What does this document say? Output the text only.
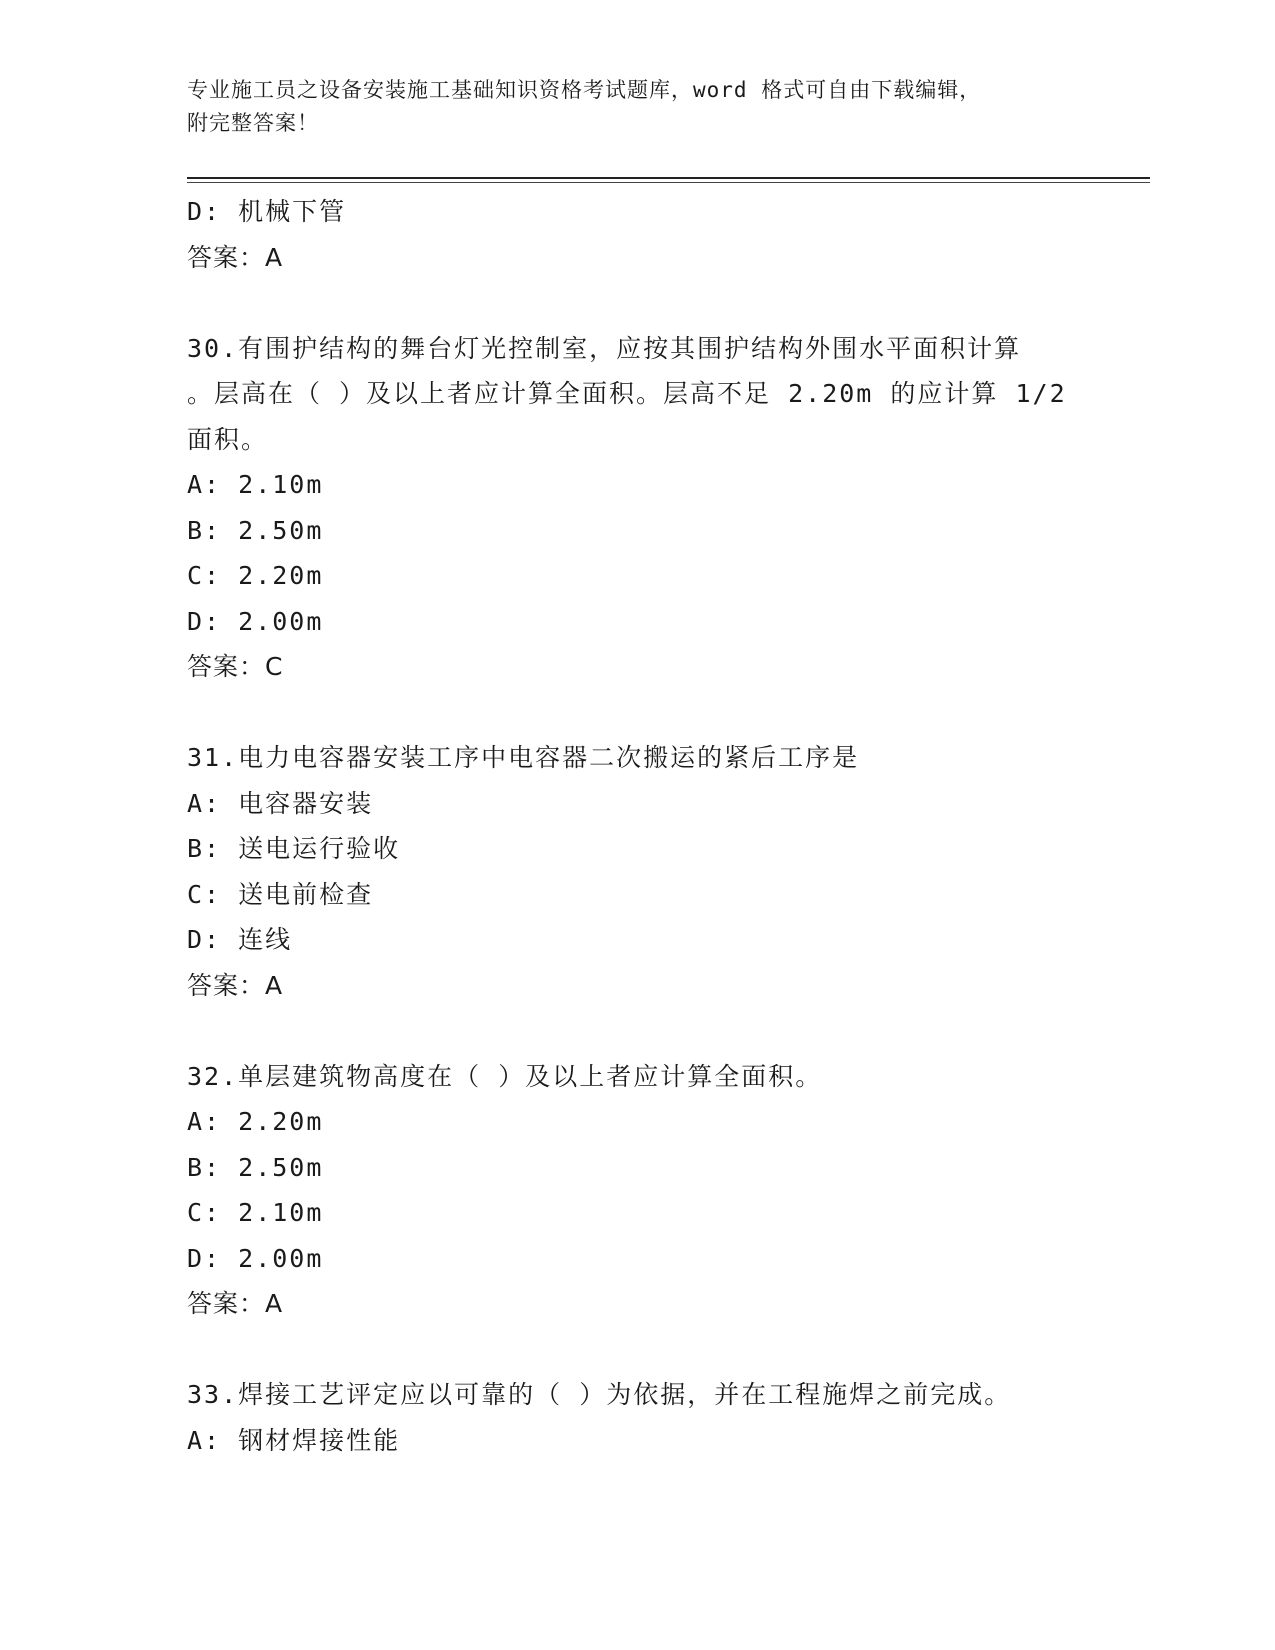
专业施工员之设备安装施工基础知识资格考试题库，word 格式可自由下载编辑，
附完整答案！
D: 机械下管
答案：A
30.有围护结构的舞台灯光控制室，应按其围护结构外围水平面积计算
。层高在（ ）及以上者应计算全面积。层高不足 2.20m 的应计算 1/2
面积。
A: 2.10m
B: 2.50m
C: 2.20m
D: 2.00m
答案：C
31.电力电容器安装工序中电容器二次搬运的紧后工序是
A: 电容器安装
B: 送电运行验收
C: 送电前检查
D: 连线
答案：A
32.单层建筑物高度在（ ）及以上者应计算全面积。
A: 2.20m
B: 2.50m
C: 2.10m
D: 2.00m
答案：A
33.焊接工艺评定应以可靠的（ ）为依据，并在工程施焊之前完成。
A: 钢材焊接性能
